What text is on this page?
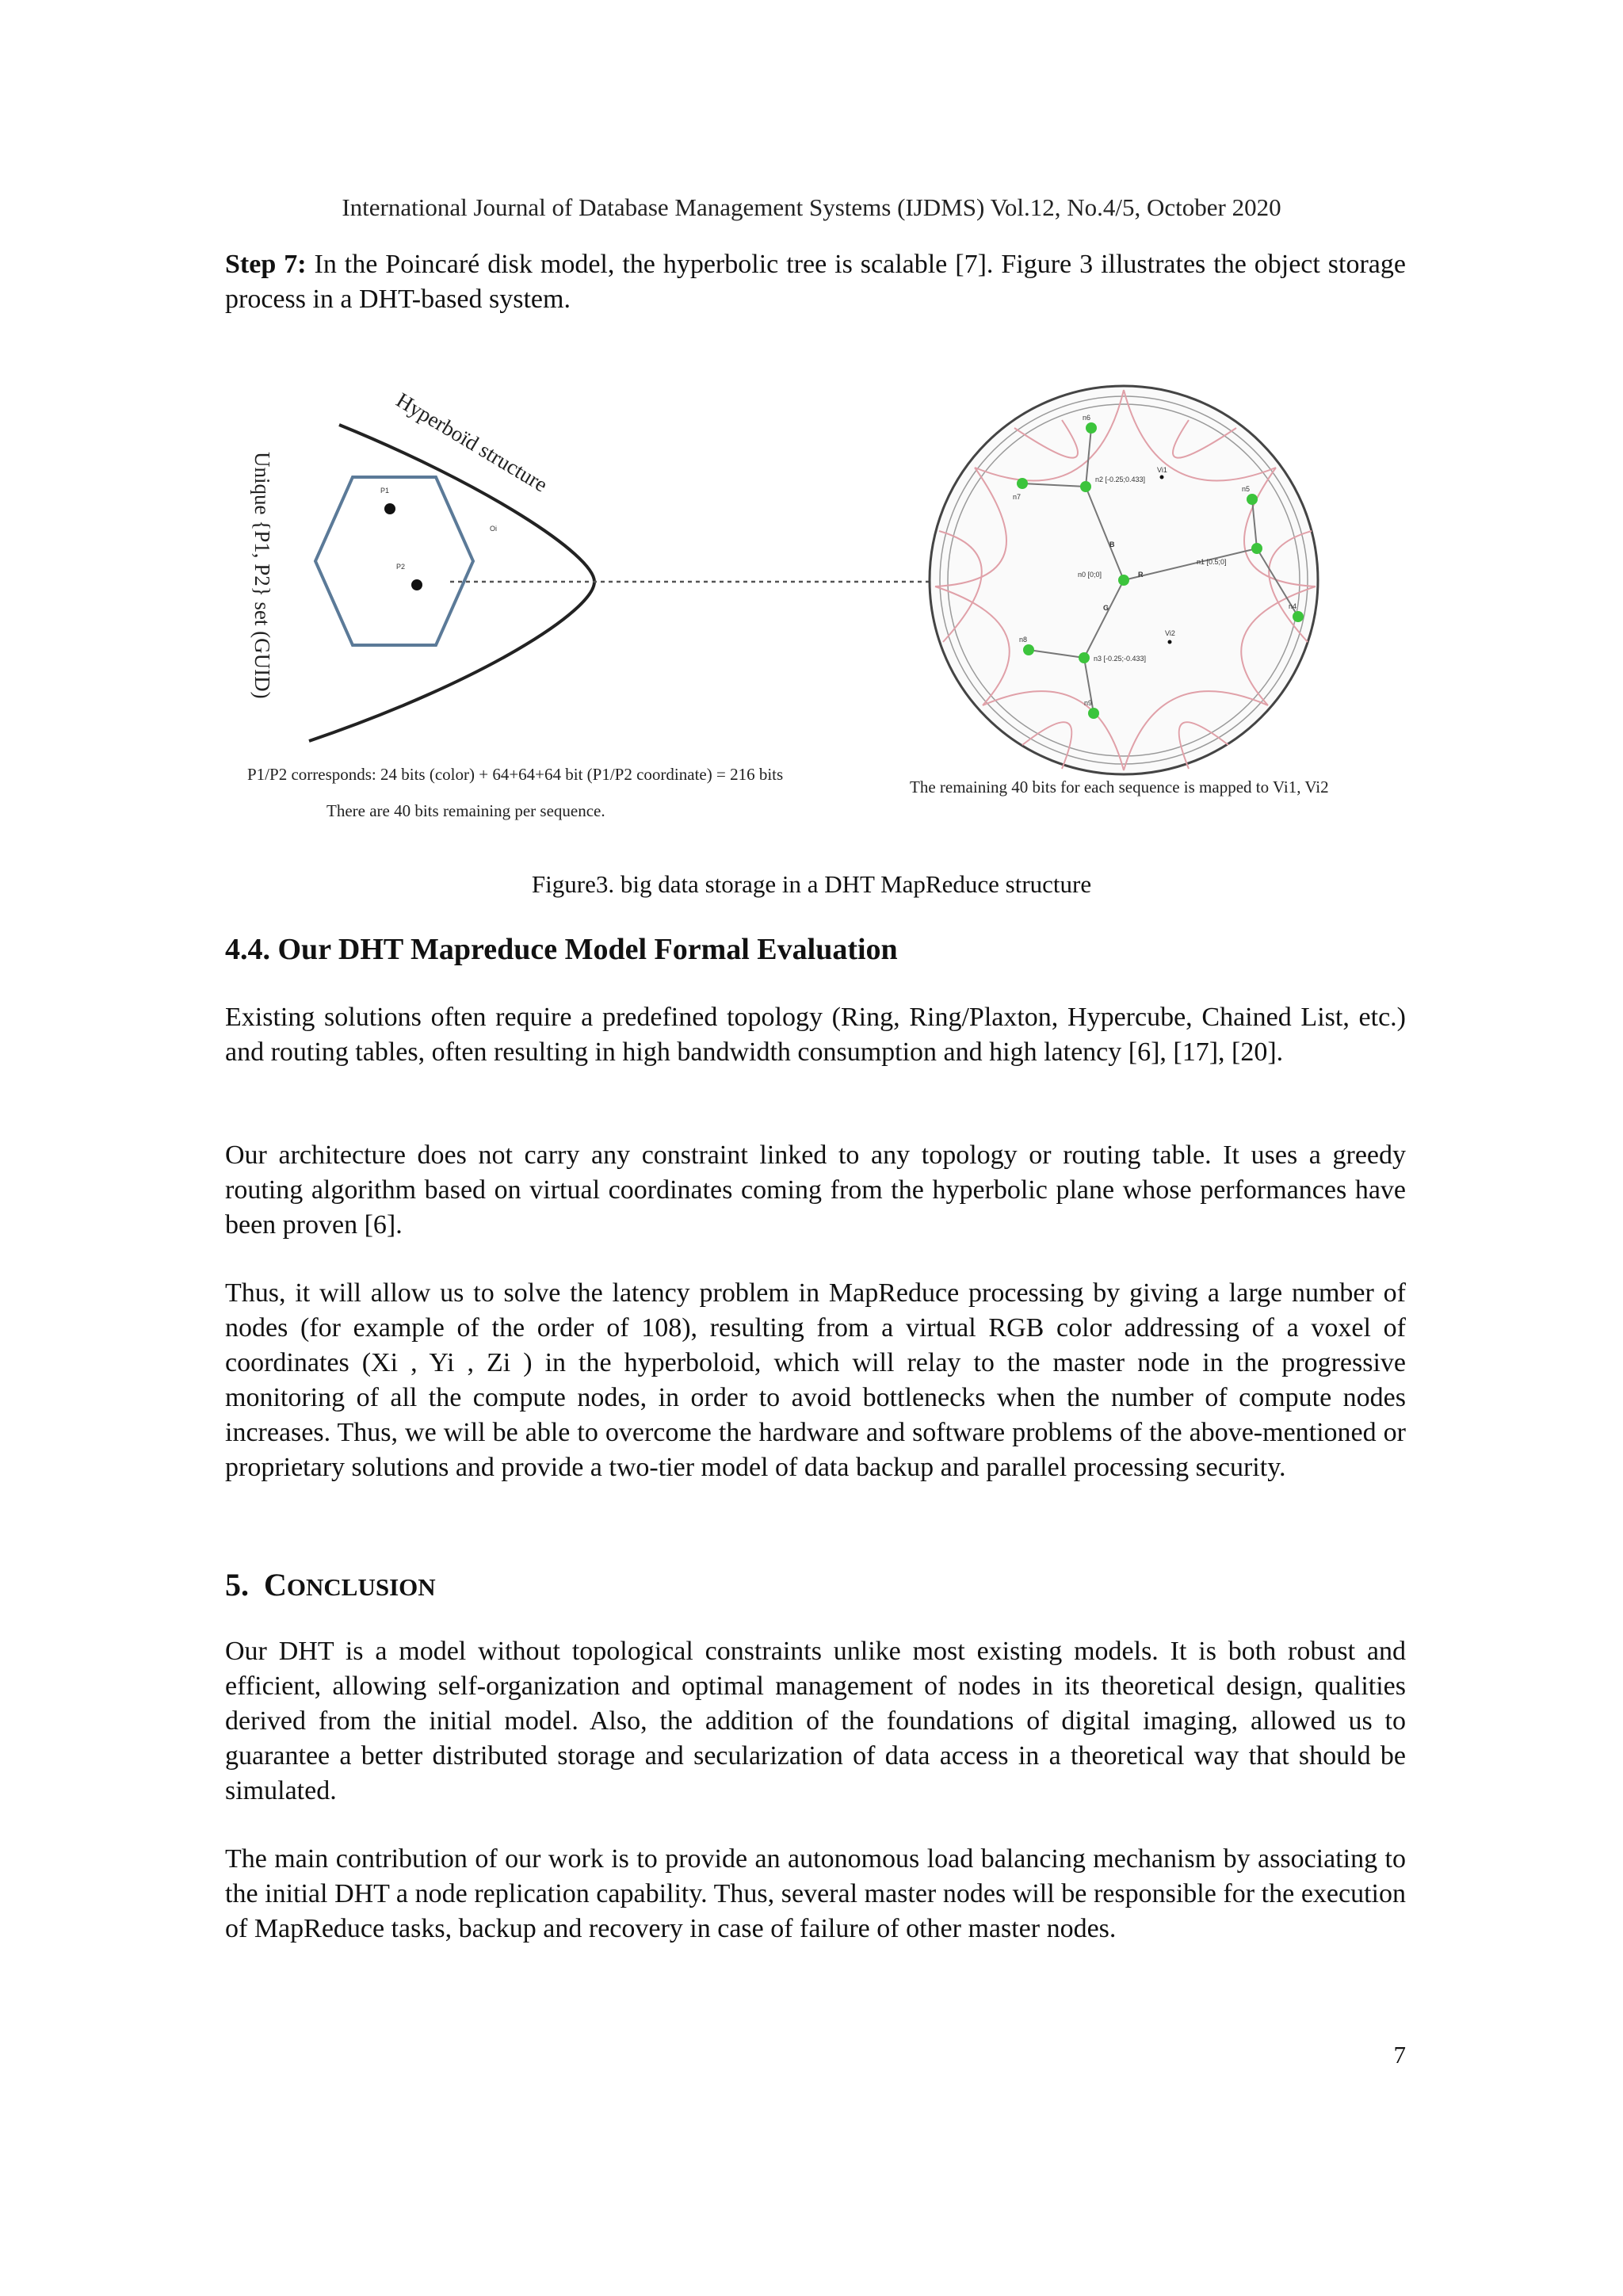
International Journal of Database Management Systems (IJDMS) Vol.12, No.4/5, October 2020

Step 7: In the Poincaré disk model, the hyperbolic tree is scalable [7]. Figure 3 illustrates the object storage process in a DHT-based system.

Unique {P1, P2} set (GUID)
Hyperboïd structure
P1
P2
Oi
P1/P2 corresponds: 24 bits (color) + 64+64+64 bit (P1/P2 coordinate) = 216 bits
There are 40 bits remaining per sequence.
n6
n2 [-0.25;0.433]
n7
Vi1
n5
B
n0 [0;0]	R
n1 [0.5;0]
G	n4
Vi2
n8
n3 [-0.25;-0.433]
n9
The remaining 40 bits for each sequence is mapped to Vi1, Vi2
Figure3. big data storage in a DHT MapReduce structure
4.4. Our DHT Mapreduce Model Formal Evaluation

Existing solutions often require a predefined topology (Ring, Ring/Plaxton, Hypercube, Chained List, etc.) and routing tables, often resulting in high bandwidth consumption and high latency [6], [17], [20].

Our architecture does not carry any constraint linked to any topology or routing table. It uses a greedy routing algorithm based on virtual coordinates coming from the hyperbolic plane whose performances have been proven [6].

Thus, it will allow us to solve the latency problem in MapReduce processing by giving a large number of nodes (for example of the order of 108), resulting from a virtual RGB color addressing of a voxel of coordinates (Xi , Yi , Zi ) in the hyperboloid, which will relay to the master node in the progressive monitoring of all the compute nodes, in order to avoid bottlenecks when the number of compute nodes increases. Thus, we will be able to overcome the hardware and software problems of the above-mentioned or proprietary solutions and provide a two-tier model of data backup and parallel processing security.

5. CONCLUSION

Our DHT is a model without topological constraints unlike most existing models. It is both robust and efficient, allowing self-organization and optimal management of nodes in its theoretical design, qualities derived from the initial model. Also, the addition of the foundations of digital imaging, allowed us to guarantee a better distributed storage and secularization of data access in a theoretical way that should be simulated.

The main contribution of our work is to provide an autonomous load balancing mechanism by associating to the initial DHT a node replication capability. Thus, several master nodes will be responsible for the execution of MapReduce tasks, backup and recovery in case of failure of other master nodes.

7
